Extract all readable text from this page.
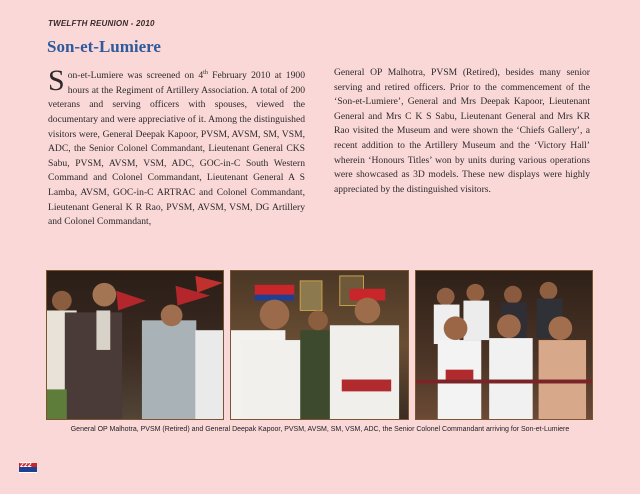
TWELFTH REUNION - 2010
Son-et-Lumiere

Son-et-Lumiere was screened on 4th February 2010 at 1900 hours at the Regiment of Artillery Association. A total of 200 veterans and serving officers with spouses, viewed the documentary and were appreciative of it. Among the distinguished visitors were, General Deepak Kapoor, PVSM, AVSM, SM, VSM, ADC, the Senior Colonel Commandant, Lieutenant General CKS Sabu, PVSM, AVSM, VSM, ADC, GOC-in-C South Western Command and Colonel Commandant, Lieutenant General A S Lamba, AVSM, GOC-in-C ARTRAC and Colonel Commandant, Lieutenant General K R Rao, PVSM, AVSM, VSM, DG Artillery and Colonel Commandant,

General OP Malhotra, PVSM (Retired), besides many senior serving and retired officers. Prior to the commencement of the ‘Son-et-Lumiere’, General and Mrs Deepak Kapoor, Lieutenant General and Mrs C K S Sabu, Lieutenant General and Mrs KR Rao visited the Museum and were shown the ‘Chiefs Gallery’, a recent addition to the Artillery Museum and the ‘Victory Hall’ wherein ‘Honours Titles’ won by units during various operations were showcased as 3D models. These new displays were highly appreciated by the distinguished visitors.

General OP Malhotra, PVSM (Retired) and General Deepak Kapoor, PVSM, AVSM, SM, VSM, ADC, the Senior Colonel Commandant arriving for Son-et-Lumiere
222
